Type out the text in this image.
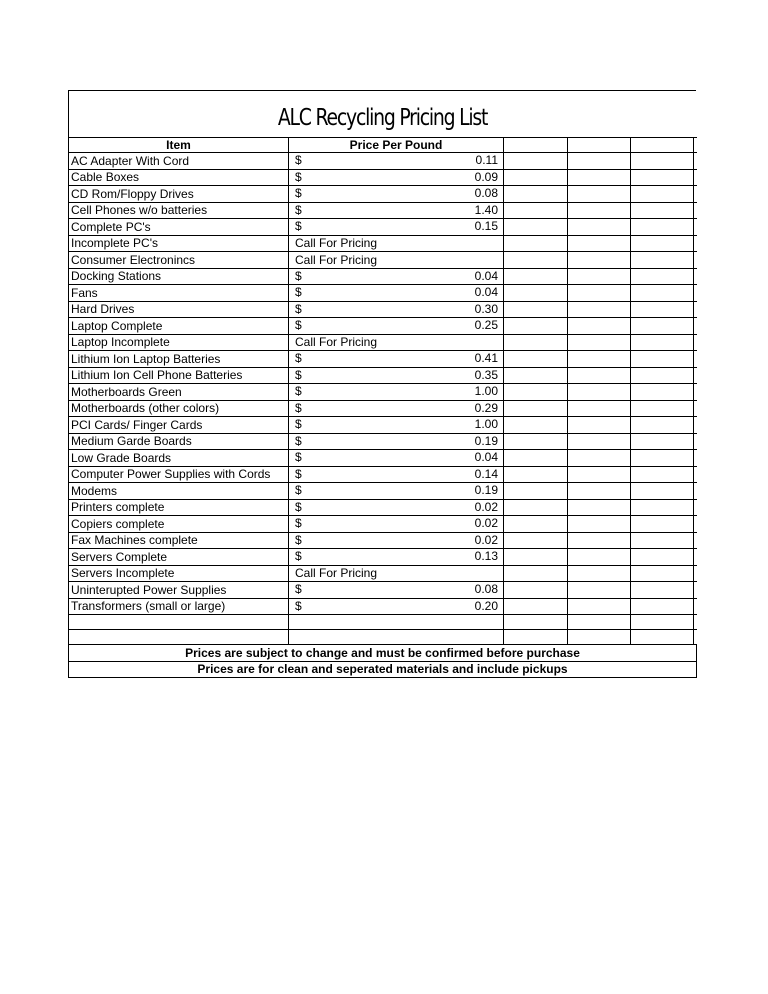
ALC Recycling Pricing List
Item	Price Per Pound				
AC Adapter With Cord	$ 0.11				

Cable Boxes	$ 0.09				

CD Rom/Floppy Drives	$ 0.08				

Cell Phones w/o batteries	$ 1.40				

Complete PC's	$ 0.15				

Incomplete PC's	Call For Pricing				
Consumer Electronincs	Call For Pricing				
Docking Stations	$ 0.04				

Fans	$ 0.04				

Hard Drives	$ 0.30				

Laptop Complete	$ 0.25				

Laptop Incomplete	Call For Pricing				
Lithium Ion Laptop Batteries	$ 0.41				

Lithium Ion Cell Phone Batteries	$ 0.35				

Motherboards Green	$ 1.00				

Motherboards (other colors)	$ 0.29				

PCI Cards/ Finger Cards	$ 1.00				

Medium Garde Boards	$ 0.19				

Low Grade Boards	$ 0.04				

Computer Power Supplies with Cords	$ 0.14				

Modems	$ 0.19				

Printers complete	$ 0.02				

Copiers complete	$ 0.02				

Fax Machines complete	$ 0.02				

Servers Complete	$ 0.13				

Servers Incomplete	Call For Pricing				
Uninterupted Power Supplies	$ 0.08				

Transformers (small or large)	$ 0.20				

Prices are subject to change and must be confirmed before purchase					
Prices are for clean and seperated materials and include pickups					
